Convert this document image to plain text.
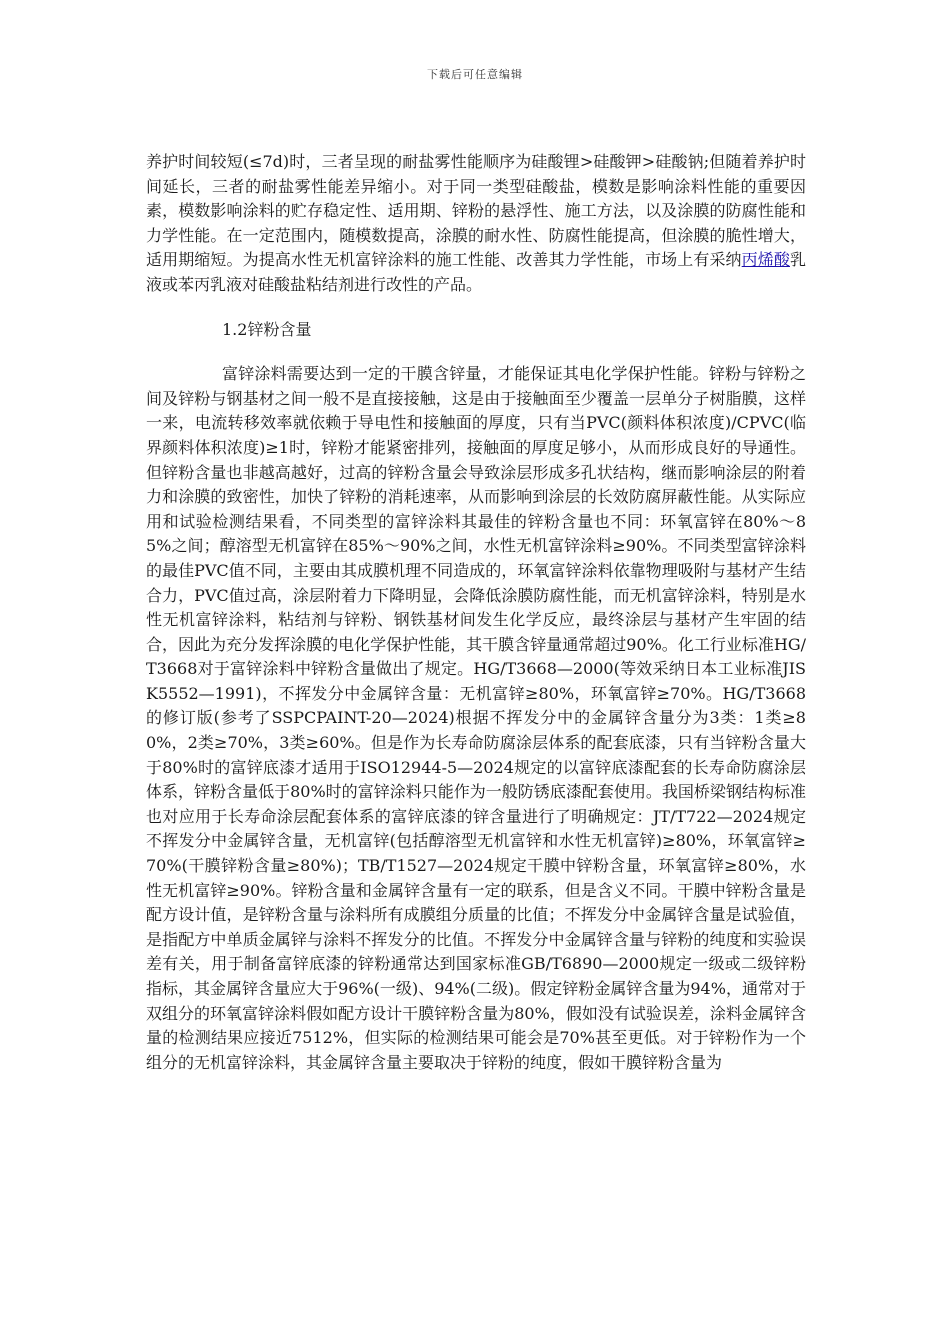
下载后可任意编辑

养护时间较短(≤7d)时，三者呈现的耐盐雾性能顺序为硅酸锂>硅酸钾>硅酸钠;但随着养护时间延长，三者的耐盐雾性能差异缩小。对于同一类型硅酸盐，模数是影响涂料性能的重要因素，模数影响涂料的贮存稳定性、适用期、锌粉的悬浮性、施工方法，以及涂膜的防腐性能和力学性能。在一定范围内，随模数提高，涂膜的耐水性、防腐性能提高，但涂膜的脆性增大，适用期缩短。为提高水性无机富锌涂料的施工性能、改善其力学性能，市场上有采纳丙烯酸乳液或苯丙乳液对硅酸盐粘结剂进行改性的产品。

1.2锌粉含量

富锌涂料需要达到一定的干膜含锌量，才能保证其电化学保护性能。锌粉与锌粉之间及锌粉与钢基材之间一般不是直接接触，这是由于接触面至少覆盖一层单分子树脂膜，这样一来，电流转移效率就依赖于导电性和接触面的厚度，只有当PVC(颜料体积浓度)/CPVC(临界颜料体积浓度)≥1时，锌粉才能紧密排列，接触面的厚度足够小，从而形成良好的导通性。但锌粉含量也非越高越好，过高的锌粉含量会导致涂层形成多孔状结构，继而影响涂层的附着力和涂膜的致密性，加快了锌粉的消耗速率，从而影响到涂层的长效防腐屏蔽性能。从实际应用和试验检测结果看，不同类型的富锌涂料其最佳的锌粉含量也不同：环氧富锌在80%～85%之间；醇溶型无机富锌在85%～90%之间，水性无机富锌涂料≥90%。不同类型富锌涂料的最佳PVC值不同，主要由其成膜机理不同造成的，环氧富锌涂料依靠物理吸附与基材产生结合力，PVC值过高，涂层附着力下降明显，会降低涂膜防腐性能，而无机富锌涂料，特别是水性无机富锌涂料，粘结剂与锌粉、钢铁基材间发生化学反应，最终涂层与基材产生牢固的结合，因此为充分发挥涂膜的电化学保护性能，其干膜含锌量通常超过90%。化工行业标准HG/T3668对于富锌涂料中锌粉含量做出了规定。HG/T3668—2000(等效采纳日本工业标准JISK5552—1991)，不挥发分中金属锌含量：无机富锌≥80%，环氧富锌≥70%。HG/T3668的修订版(参考了SSPCPAINT-20—2024)根据不挥发分中的金属锌含量分为3类：1类≥80%，2类≥70%，3类≥60%。但是作为长寿命防腐涂层体系的配套底漆，只有当锌粉含量大于80%时的富锌底漆才适用于ISO12944-5—2024规定的以富锌底漆配套的长寿命防腐涂层体系，锌粉含量低于80%时的富锌涂料只能作为一般防锈底漆配套使用。我国桥梁钢结构标准也对应用于长寿命涂层配套体系的富锌底漆的锌含量进行了明确规定：JT/T722—2024规定不挥发分中金属锌含量，无机富锌(包括醇溶型无机富锌和水性无机富锌)≥80%，环氧富锌≥70%(干膜锌粉含量≥80%)；TB/T1527—2024规定干膜中锌粉含量，环氧富锌≥80%，水性无机富锌≥90%。锌粉含量和金属锌含量有一定的联系，但是含义不同。干膜中锌粉含量是配方设计值，是锌粉含量与涂料所有成膜组分质量的比值；不挥发分中金属锌含量是试验值，是指配方中单质金属锌与涂料不挥发分的比值。不挥发分中金属锌含量与锌粉的纯度和实验误差有关，用于制备富锌底漆的锌粉通常达到国家标准GB/T6890—2000规定一级或二级锌粉指标，其金属锌含量应大于96%(一级)、94%(二级)。假定锌粉金属锌含量为94%，通常对于双组分的环氧富锌涂料假如配方设计干膜锌粉含量为80%，假如没有试验误差，涂料金属锌含量的检测结果应接近7512%，但实际的检测结果可能会是70%甚至更低。对于锌粉作为一个组分的无机富锌涂料，其金属锌含量主要取决于锌粉的纯度，假如干膜锌粉含量为
